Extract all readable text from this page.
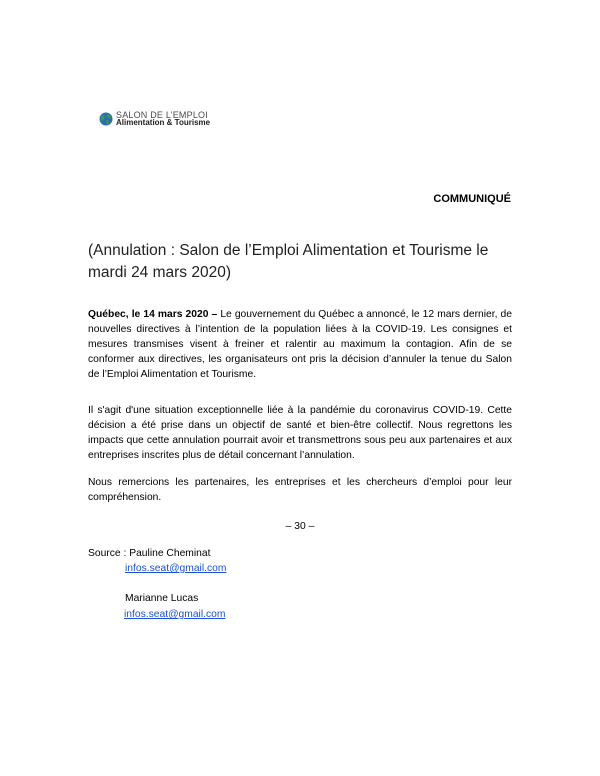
SALON DE L’EMPLOI
Alimentation & Tourisme
COMMUNIQUÉ
(Annulation : Salon de l’Emploi Alimentation et Tourisme le mardi 24 mars 2020)
Québec, le 14 mars 2020 – Le gouvernement du Québec a annoncé, le 12 mars dernier, de nouvelles directives à l’intention de la population liées à la COVID-19. Les consignes et mesures transmises visent à freiner et ralentir au maximum la contagion. Afin de se conformer aux directives, les organisateurs ont pris la décision d’annuler la tenue du Salon de l’Emploi Alimentation et Tourisme.
Il s'agit d'une situation exceptionnelle liée à la pandémie du coronavirus COVID-19. Cette décision a été prise dans un objectif de santé et bien-être collectif. Nous regrettons les impacts que cette annulation pourrait avoir et transmettrons sous peu aux partenaires et aux entreprises inscrites plus de détail concernant l’annulation.
Nous remercions les partenaires, les entreprises et les chercheurs d’emploi pour leur compréhension.
– 30 –
Source : Pauline Cheminat
infos.seat@gmail.com
Marianne Lucas
infos.seat@gmail.com
